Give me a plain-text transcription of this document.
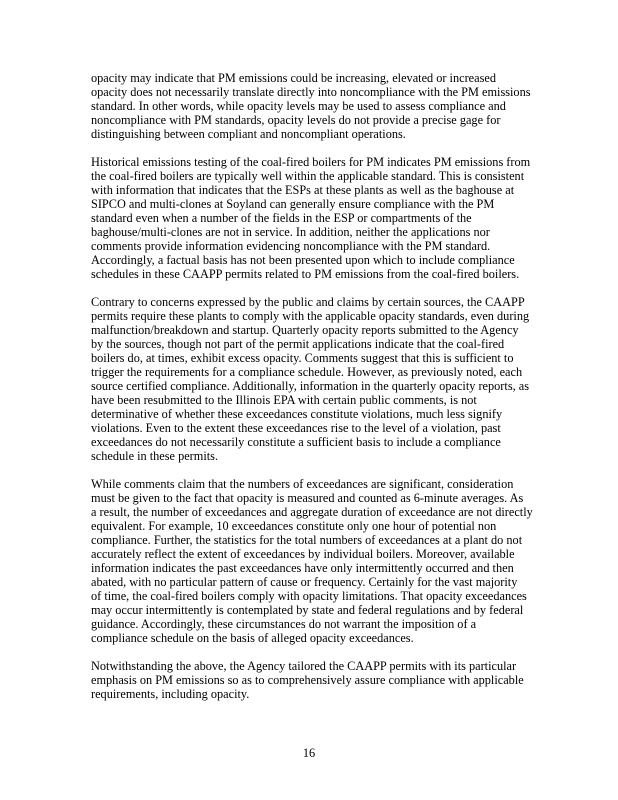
opacity may indicate that PM emissions could be increasing, elevated or increased
opacity does not necessarily translate directly into noncompliance with the PM emissions
standard. In other words, while opacity levels may be used to assess compliance and
noncompliance with PM standards, opacity levels do not provide a precise gage for
distinguishing between compliant and noncompliant operations.

Historical emissions testing of the coal-fired boilers for PM indicates PM emissions from
the coal-fired boilers are typically well within the applicable standard. This is consistent
with information that indicates that the ESPs at these plants as well as the baghouse at
SIPCO and multi-clones at Soyland can generally ensure compliance with the PM
standard even when a number of the fields in the ESP or compartments of the
baghouse/multi-clones are not in service. In addition, neither the applications nor
comments provide information evidencing noncompliance with the PM standard.
Accordingly, a factual basis has not been presented upon which to include compliance
schedules in these CAAPP permits related to PM emissions from the coal-fired boilers.

Contrary to concerns expressed by the public and claims by certain sources, the CAAPP
permits require these plants to comply with the applicable opacity standards, even during
malfunction/breakdown and startup. Quarterly opacity reports submitted to the Agency
by the sources, though not part of the permit applications indicate that the coal-fired
boilers do, at times, exhibit excess opacity. Comments suggest that this is sufficient to
trigger the requirements for a compliance schedule. However, as previously noted, each
source certified compliance. Additionally, information in the quarterly opacity reports, as
have been resubmitted to the Illinois EPA with certain public comments, is not
determinative of whether these exceedances constitute violations, much less signify
violations. Even to the extent these exceedances rise to the level of a violation, past
exceedances do not necessarily constitute a sufficient basis to include a compliance
schedule in these permits.

While comments claim that the numbers of exceedances are significant, consideration
must be given to the fact that opacity is measured and counted as 6-minute averages. As
a result, the number of exceedances and aggregate duration of exceedance are not directly
equivalent. For example, 10 exceedances constitute only one hour of potential non
compliance. Further, the statistics for the total numbers of exceedances at a plant do not
accurately reflect the extent of exceedances by individual boilers. Moreover, available
information indicates the past exceedances have only intermittently occurred and then
abated, with no particular pattern of cause or frequency. Certainly for the vast majority
of time, the coal-fired boilers comply with opacity limitations. That opacity exceedances
may occur intermittently is contemplated by state and federal regulations and by federal
guidance. Accordingly, these circumstances do not warrant the imposition of a
compliance schedule on the basis of alleged opacity exceedances.

Notwithstanding the above, the Agency tailored the CAAPP permits with its particular
emphasis on PM emissions so as to comprehensively assure compliance with applicable
requirements, including opacity.

16
